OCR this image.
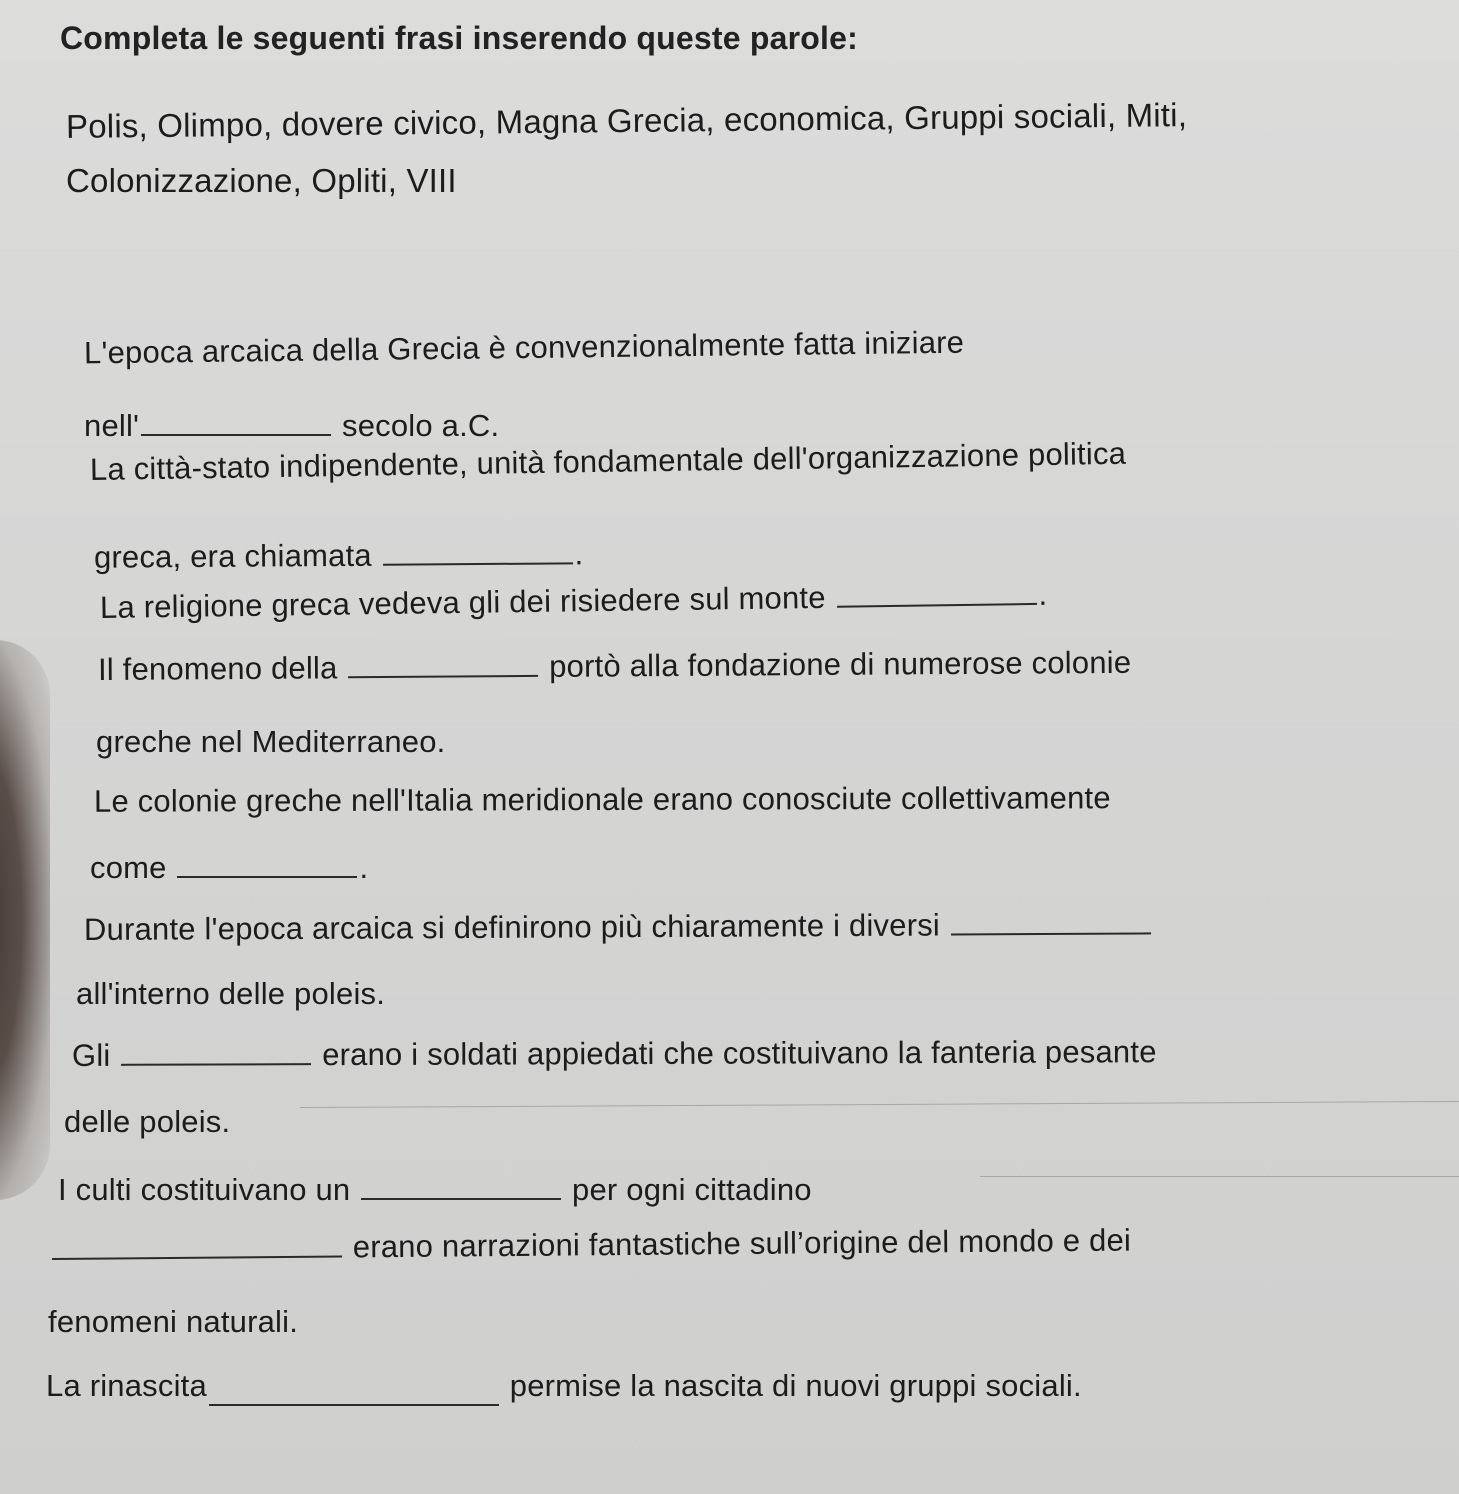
Completa le seguenti frasi inserendo queste parole:
Polis, Olimpo, dovere civico, Magna Grecia, economica, Gruppi sociali, Miti,
Colonizzazione, Opliti, VIII
L'epoca arcaica della Grecia è convenzionalmente fatta iniziare
nell'	secolo a.C.
La città-stato indipendente, unità fondamentale dell'organizzazione politica
greca, era chiamata	.
La religione greca vedeva gli dei risiedere sul monte	.
Il fenomeno della	portò alla fondazione di numerose colonie
greche nel Mediterraneo.
Le colonie greche nell'Italia meridionale erano conosciute collettivamente
come	.
Durante l'epoca arcaica si definirono più chiaramente i diversi
all'interno delle poleis.
Gli	erano i soldati appiedati che costituivano la fanteria pesante
delle poleis.
I culti costituivano un	per ogni cittadino
erano narrazioni fantastiche sull’origine del mondo e dei
fenomeni naturali.
La rinascita	permise la nascita di nuovi gruppi sociali.
